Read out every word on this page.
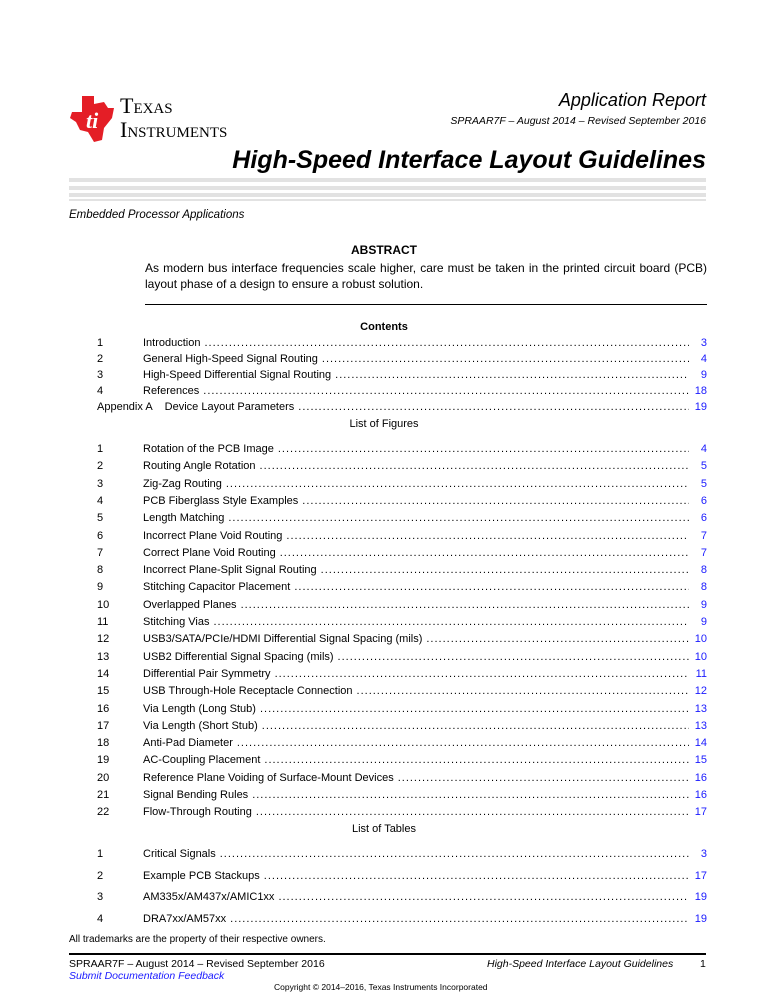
ti
Texas
Instruments
Application Report
SPRAAR7F – August 2014 – Revised September 2016
High-Speed Interface Layout Guidelines
Embedded Processor Applications
ABSTRACT
As modern bus interface frequencies scale higher, care must be taken in the printed circuit board (PCB) layout phase of a design to ensure a robust solution.
Contents
1	Introduction .....	3
2	General High-Speed Signal Routing .....	4
3	High-Speed Differential Signal Routing .....	9
4	References .....	18
Appendix A Device Layout Parameters .....	19
List of Figures
1	Rotation of the PCB Image .....	4
2	Routing Angle Rotation .....	5
3	Zig-Zag Routing .....	5
4	PCB Fiberglass Style Examples .....	6
5	Length Matching .....	6
6	Incorrect Plane Void Routing .....	7
7	Correct Plane Void Routing .....	7
8	Incorrect Plane-Split Signal Routing .....	8
9	Stitching Capacitor Placement .....	8
10	Overlapped Planes .....	9
11	Stitching Vias .....	9
12	USB3/SATA/PCIe/HDMI Differential Signal Spacing (mils) .....	10
13	USB2 Differential Signal Spacing (mils) .....	10
14	Differential Pair Symmetry .....	11
15	USB Through-Hole Receptacle Connection .....	12
16	Via Length (Long Stub) .....	13
17	Via Length (Short Stub) .....	13
18	Anti-Pad Diameter .....	14
19	AC-Coupling Placement .....	15
20	Reference Plane Voiding of Surface-Mount Devices .....	16
21	Signal Bending Rules .....	16
22	Flow-Through Routing .....	17
List of Tables
1	Critical Signals .....	3
2	Example PCB Stackups .....	17
3	AM335x/AM437x/AMIC1xx .....	19
4	DRA7xx/AM57xx .....	19
All trademarks are the property of their respective owners.
SPRAAR7F – August 2014 – Revised September 2016
Submit Documentation Feedback
High-Speed Interface Layout Guidelines	1
Copyright © 2014–2016, Texas Instruments Incorporated
